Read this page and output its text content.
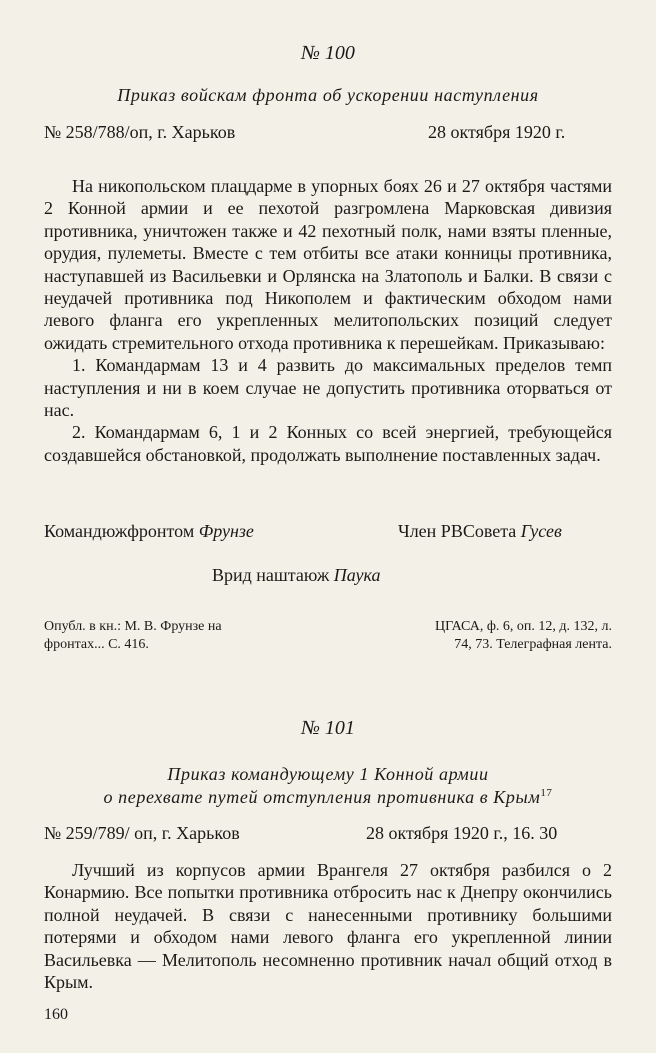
№ 100
Приказ войскам фронта об ускорении наступления
№ 258/788/оп, г. Харьков	28 октября 1920 г.

На никопольском плацдарме в упорных боях 26 и 27 октября частями 2 Конной армии и ее пехотой разгромлена Марковская дивизия противника, уничтожен также и 42 пехотный полк, нами взяты пленные, орудия, пулеметы. Вместе с тем отбиты все атаки конницы противника, наступавшей из Васильевки и Орлянска на Златополь и Балки. В связи с неудачей противника под Никополем и фактическим обходом нами левого фланга его укрепленных мелитопольских позиций следует ожидать стремительного отхода противника к перешейкам. Приказываю:

1. Командармам 13 и 4 развить до максимальных пределов темп наступления и ни в коем случае не допустить противника оторваться от нас.

2. Командармам 6, 1 и 2 Конных со всей энергией, требующейся создавшейся обстановкой, продолжать выполнение поставленных задач.

Командюжфронтом Фрунзе	Член РВСовета Гусев
Врид наштаюж Паука
Опубл. в кн.: М. В. Фрунзе на
фронтах... С. 416.
ЦГАСА, ф. 6, оп. 12, д. 132, л.
74, 73. Телеграфная лента.
№ 101
Приказ командующему 1 Конной армии
о перехвате путей отступления противника в Крым$^{17}$
№ 259/789/ оп, г. Харьков	28 октября 1920 г., 16. 30

Лучший из корпусов армии Врангеля 27 октября разбился о 2 Конармию. Все попытки противника отбросить нас к Днепру окончились полной неудачей. В связи с нанесенными противнику большими потерями и обходом нами левого фланга его укрепленной линии Васильевка — Мелитополь несомненно противник начал общий отход в Крым.

160
